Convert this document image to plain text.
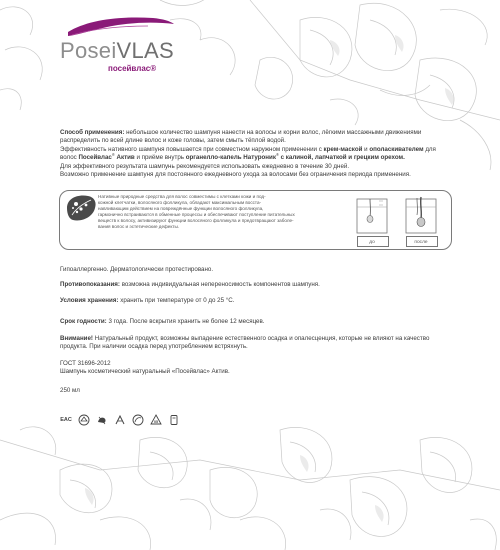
PoseiVLAS
посейвлас®

Способ применения: небольшое количество шампуня нанести на волосы и корни волос, лёгкими массажными движениями распределить по всей длине волос и коже головы, затем смыть тёплой водой.

Эффективность нативного шампуня повышается при совместном наружном применении с крем-маской и ополаскивателем для волос Посейвлас® Актив и приёме внутрь органелло-капель Натуроник® с калиной, лапчаткой и грецким орехом.

Для эффективного результата шампунь рекомендуется использовать ежедневно в течение 30 дней.

Возможно применение шампуня для постоянного ежедневного ухода за волосами без ограничения периода применения.

Нативные природные средства для волос совместимы с клетками кожи и под-
кожной клетчатки, волосяного фолликула, обладают максимальным восста-
навливающим действием на повреждённые функции волосяного фолликула,
гармонично встраиваются в обменные процессы и обеспечивают поступление питательных
веществ к волосу, активизируют функции волосяного фолликула и предотвращают заболе-
вания волос и эстетические дефекты.
до	после
Гипоаллергенно. Дерматологически протестировано.
Противопоказания: возможна индивидуальная непереносимость компонентов шампуня.
Условия хранения: хранить при температуре от 0 до 25 °С.
Срок годности: 3 года. После вскрытия хранить не более 12 месяцев.
Внимание! Натуральный продукт, возможны выпадение естественного осадка и опалесценция, которые не влияют на качество продукта. При наличии осадка перед употреблением встряхнуть.
ГОСТ 31696-2012
Шампунь косметический натуральный «Посейвлас» Актив.
250 мл
EAC	05
